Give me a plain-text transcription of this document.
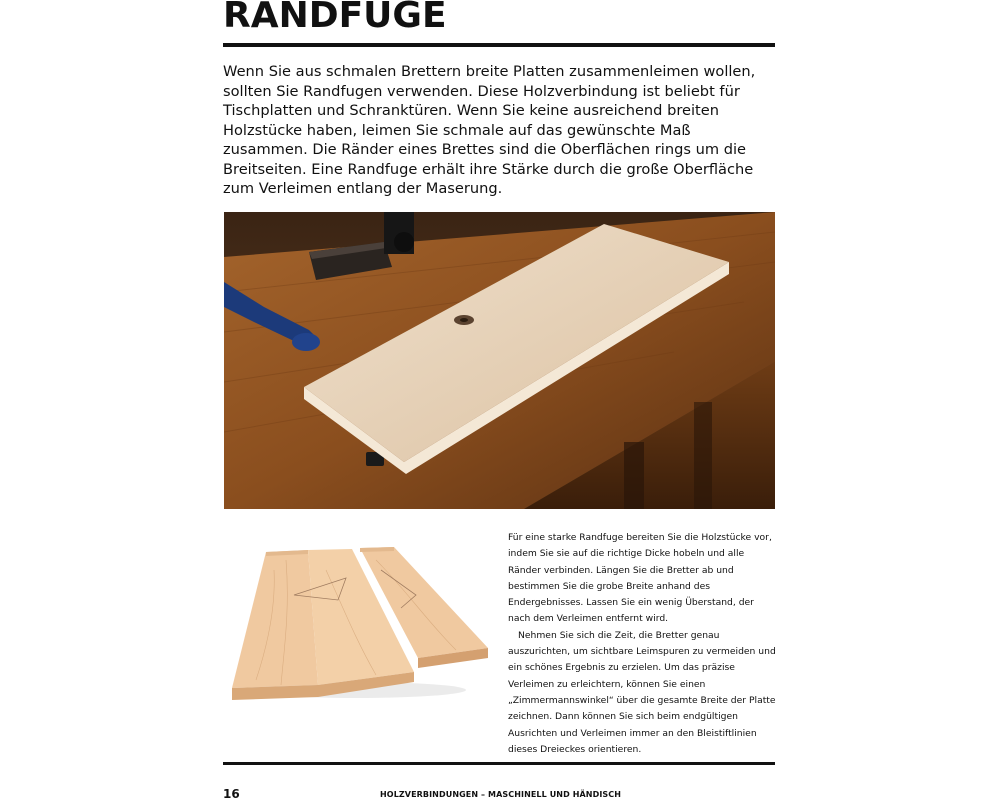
RANDFUGE

Wenn Sie aus schmalen Brettern breite Platten zusammenleimen wollen, sollten Sie Randfugen verwenden. Diese Holzverbindung ist beliebt für Tischplatten und Schranktüren. Wenn Sie keine ausreichend breiten Holzstücke haben, leimen Sie schmale auf das gewünschte Maß zusammen. Die Ränder eines Brettes sind die Oberflächen rings um die Breitseiten. Eine Randfuge erhält ihre Stärke durch die große Oberfläche zum Verleimen entlang der Maserung.

Für eine starke Randfuge bereiten Sie die Holzstücke vor, indem Sie sie auf die richtige Dicke hobeln und alle Ränder verbinden. Längen Sie die Bretter ab und bestimmen Sie die grobe Breite anhand des Endergebnisses. Lassen Sie ein wenig Überstand, der nach dem Verleimen entfernt wird.

Nehmen Sie sich die Zeit, die Bretter genau auszurichten, um sichtbare Leimspuren zu vermeiden und ein schönes Ergebnis zu erzielen. Um das präzise Verleimen zu erleichtern, können Sie einen „Zimmermannswinkel“ über die gesamte Breite der Platte zeichnen. Dann können Sie sich beim endgültigen Ausrichten und Verleimen immer an den Bleistiftlinien dieses Dreieckes orientieren.

16	HOLZVERBINDUNGEN – MASCHINELL UND HÄNDISCH
